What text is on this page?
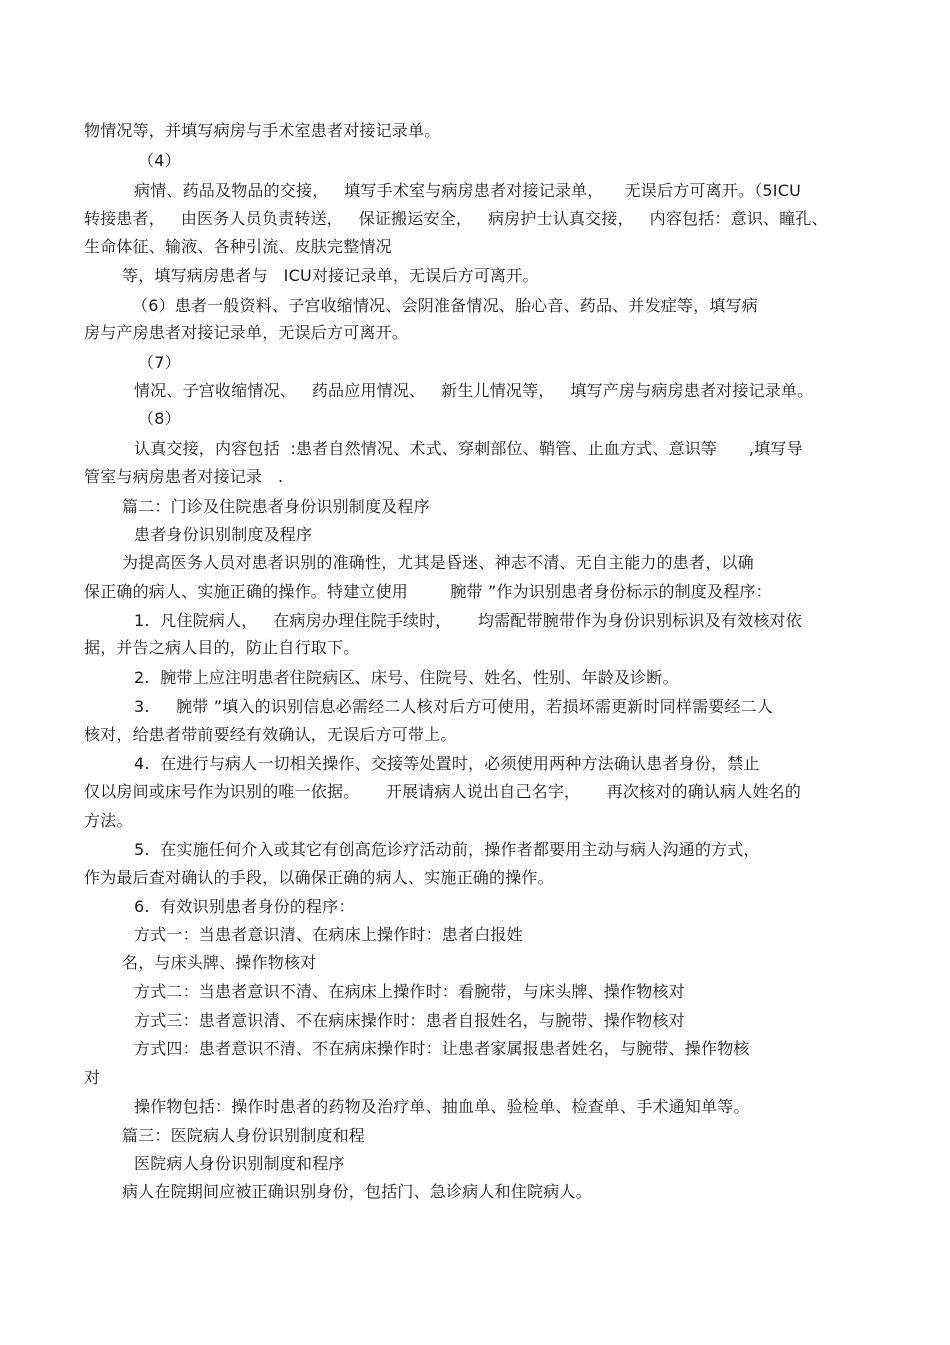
物情况等，并填写病房与手术室患者对接记录单。
（4）
病情、药品及物品的交接，   填写手术室与病房患者对接记录单，    无误后方可离开。（5ICU
转接患者，   由医务人员负责转送，   保证搬运安全，   病房护士认真交接，   内容包括：意识、瞳孔、
生命体征、输液、各种引流、皮肤完整情况
等，填写病房患者与   ICU对接记录单，无误后方可离开。
（6）患者一般资料、子宫收缩情况、会阴准备情况、胎心音、药品、并发症等，填写病
房与产房患者对接记录单，无误后方可离开。
（7）
情况、子宫收缩情况、   药品应用情况、   新生儿情况等，   填写产房与病房患者对接记录单。
（8）
认真交接，内容包括  :患者自然情况、术式、穿刺部位、鞘管、止血方式、意识等      ,填写导
管室与病房患者对接记录   .
篇二：门诊及住院患者身份识别制度及程序
患者身份识别制度及程序
为提高医务人员对患者识别的准确性，尤其是昏迷、神志不清、无自主能力的患者，以确
保正确的病人、实施正确的操作。特建立使用        腕带 ”作为识别患者身份标示的制度及程序：
1.  凡住院病人，   在病房办理住院手续时，     均需配带腕带作为身份识别标识及有效核对依
据，并告之病人目的，防止自行取下。
2.  腕带上应注明患者住院病区、床号、住院号、姓名、性别、年龄及诊断。
3.     腕带 ”填入的识别信息必需经二人核对后方可使用，若损坏需更新时同样需要经二人
核对，给患者带前要经有效确认，无误后方可带上。
4.  在进行与病人一切相关操作、交接等处置时，必须使用两种方法确认患者身份，禁止
仅以房间或床号作为识别的唯一依据。     开展请病人说出自己名字，     再次核对的确认病人姓名的
方法。
5.  在实施任何介入或其它有创高危诊疗活动前，操作者都要用主动与病人沟通的方式，
作为最后查对确认的手段，以确保正确的病人、实施正确的操作。
6.  有效识别患者身份的程序：
方式一：当患者意识清、在病床上操作时：患者白报姓
名，与床头牌、操作物核对
方式二：当患者意识不清、在病床上操作时：看腕带，与床头牌、操作物核对
方式三：患者意识清、不在病床操作时：患者自报姓名，与腕带、操作物核对
方式四：患者意识不清、不在病床操作时：让患者家属报患者姓名，与腕带、操作物核
对
操作物包括：操作时患者的药物及治疗单、抽血单、验检单、检查单、手术通知单等。
篇三：医院病人身份识别制度和程
医院病人身份识别制度和程序
病人在院期间应被正确识别身份，包括门、急诊病人和住院病人。
